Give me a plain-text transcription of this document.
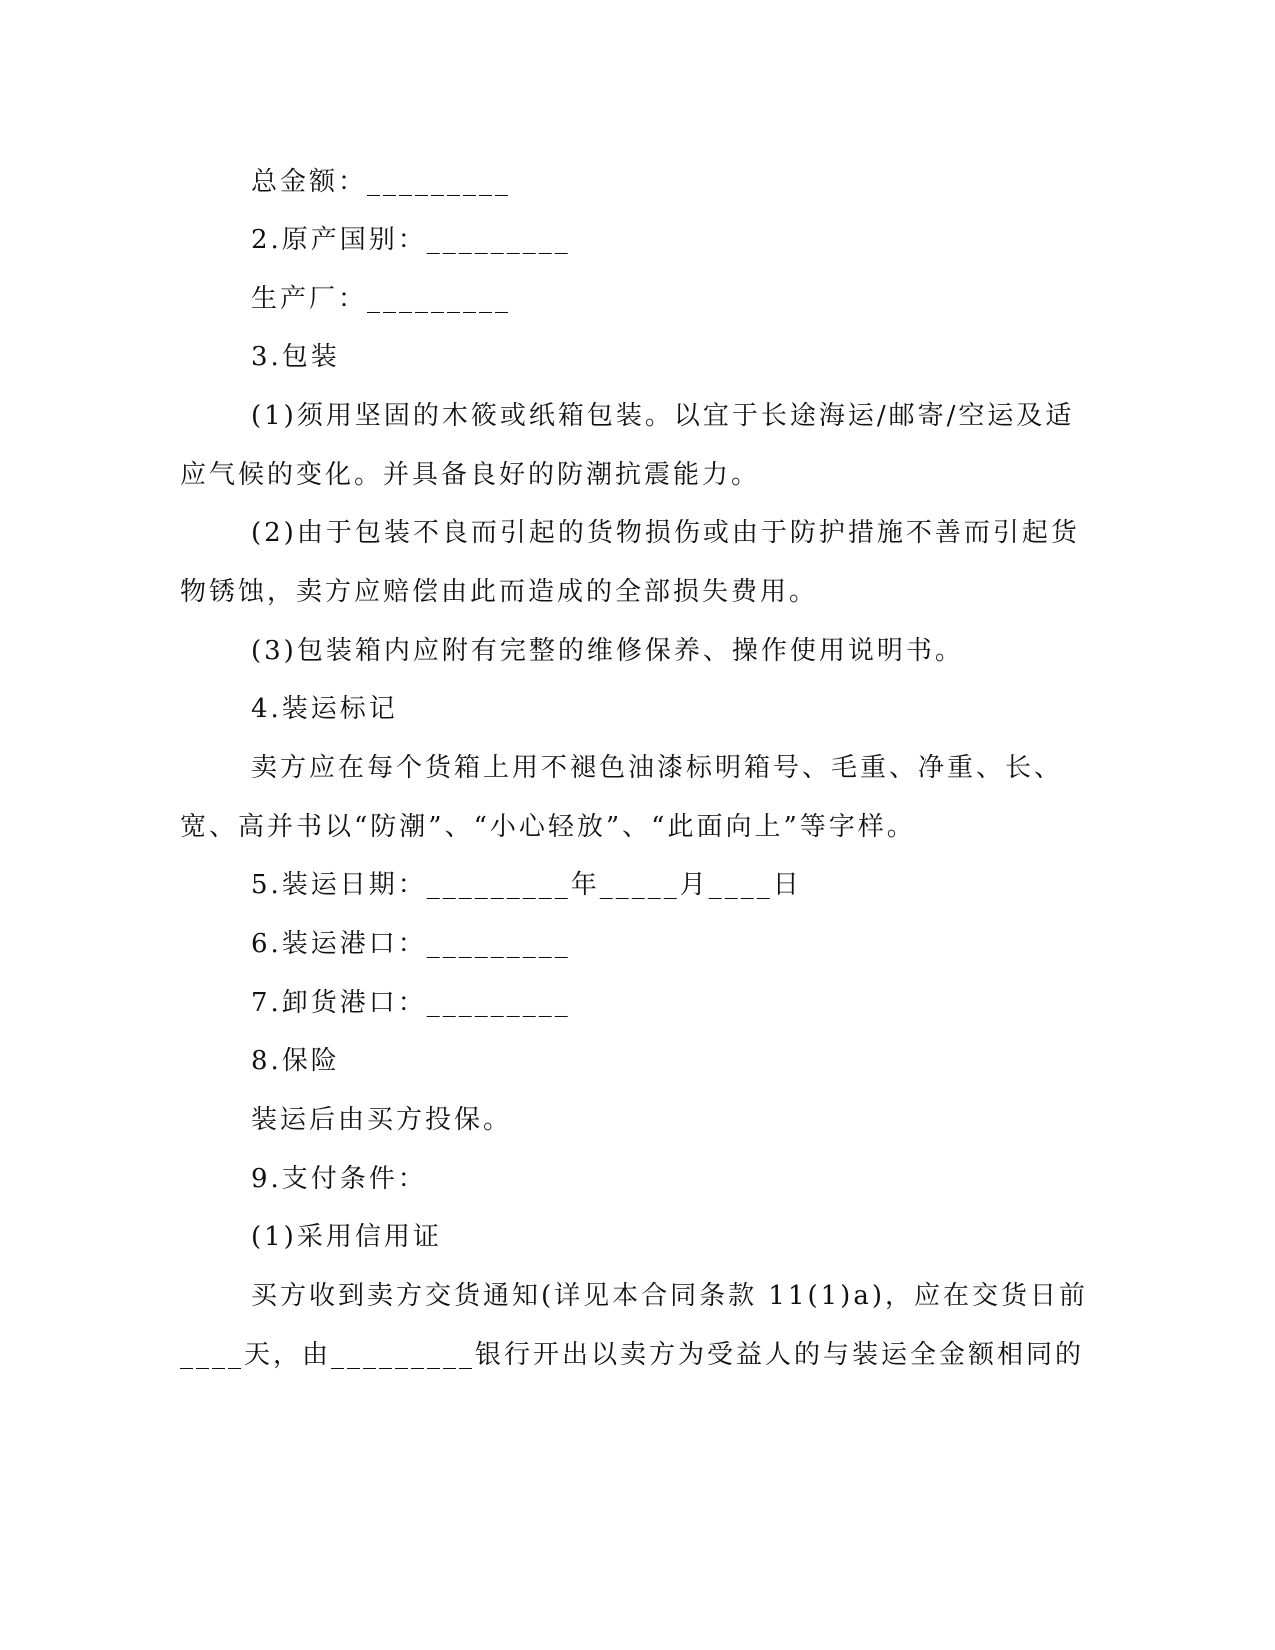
总金额：_________
2.原产国别：_________
生产厂：_________
3.包装
(1)须用坚固的木筱或纸箱包装。以宜于长途海运/邮寄/空运及适
应气候的变化。并具备良好的防潮抗震能力。
(2)由于包装不良而引起的货物损伤或由于防护措施不善而引起货
物锈蚀，卖方应赔偿由此而造成的全部损失费用。
(3)包装箱内应附有完整的维修保养、操作使用说明书。
4.装运标记
卖方应在每个货箱上用不褪色油漆标明箱号、毛重、净重、长、
宽、高并书以“防潮”、“小心轻放”、“此面向上”等字样。
5.装运日期：_________年_____月____日
6.装运港口：_________
7.卸货港口：_________
8.保险
装运后由买方投保。
9.支付条件：
(1)采用信用证
买方收到卖方交货通知(详见本合同条款 11(1)a)，应在交货日前
____天，由_________银行开出以卖方为受益人的与装运全金额相同的
